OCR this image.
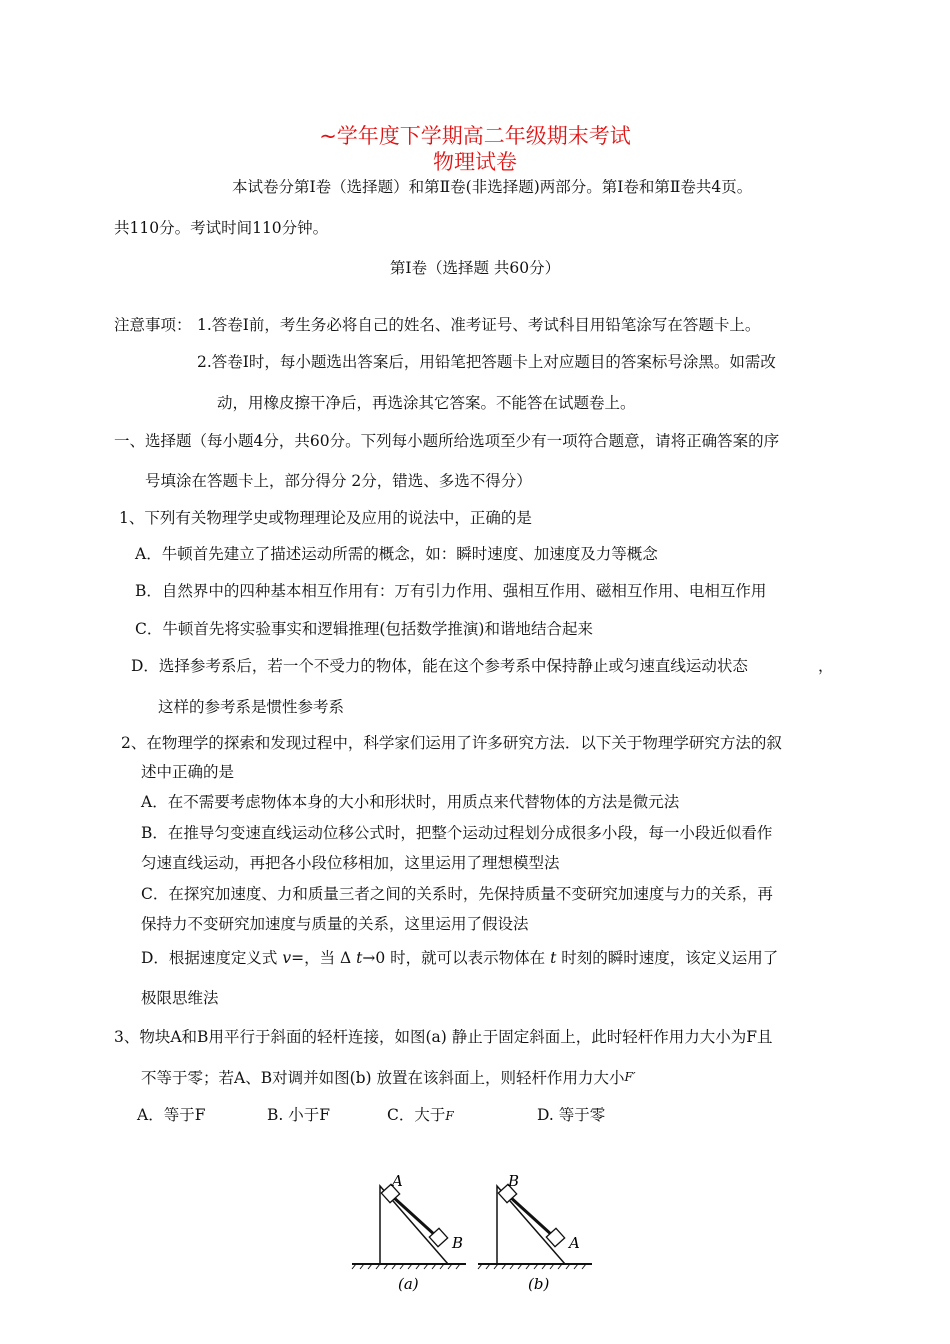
~学年度下学期高二年级期末考试
物理试卷
本试卷分第Ⅰ卷（选择题）和第Ⅱ卷(非选择题)两部分。第Ⅰ卷和第Ⅱ卷共4页。
共110分。考试时间110分钟。
第Ⅰ卷（选择题 共60分）
注意事项： 1.答卷Ⅰ前，考生务必将自己的姓名、准考证号、考试科目用铅笔涂写在答题卡上。
2.答卷Ⅰ时，每小题选出答案后，用铅笔把答题卡上对应题目的答案标号涂黑。如需改
动，用橡皮擦干净后，再选涂其它答案。不能答在试题卷上。
一、选择题（每小题4分，共60分。下列每小题所给选项至少有一项符合题意，请将正确答案的序
号填涂在答题卡上，部分得分 2分，错选、多选不得分）
1、下列有关物理学史或物理理论及应用的说法中，正确的是
A．牛顿首先建立了描述运动所需的概念，如：瞬时速度、加速度及力等概念
B．自然界中的四种基本相互作用有：万有引力作用、强相互作用、磁相互作用、电相互作用
C．牛顿首先将实验事实和逻辑推理(包括数学推演)和谐地结合起来
D．选择参考系后，若一个不受力的物体，能在这个参考系中保持静止或匀速直线运动状态	，
这样的参考系是惯性参考系
2、在物理学的探索和发现过程中，科学家们运用了许多研究方法．以下关于物理学研究方法的叙
述中正确的是
A．在不需要考虑物体本身的大小和形状时，用质点来代替物体的方法是微元法
B．在推导匀变速直线运动位移公式时，把整个运动过程划分成很多小段，每一小段近似看作
匀速直线运动，再把各小段位移相加，这里运用了理想模型法
C．在探究加速度、力和质量三者之间的关系时，先保持质量不变研究加速度与力的关系，再
保持力不变研究加速度与质量的关系，这里运用了假设法
D．根据速度定义式 v=，当 Δ t→0 时，就可以表示物体在 t 时刻的瞬时速度，该定义运用了
极限思维法
3、物块A和B用平行于斜面的轻杆连接，如图(a) 静止于固定斜面上，此时轻杆作用力大小为F且
不等于零；若A、B对调并如图(b) 放置在该斜面上，则轻杆作用力大小F′
A．等于F	B. 小于F	C．大于F	D. 等于零
A
B
(a)
B
A
(b)
